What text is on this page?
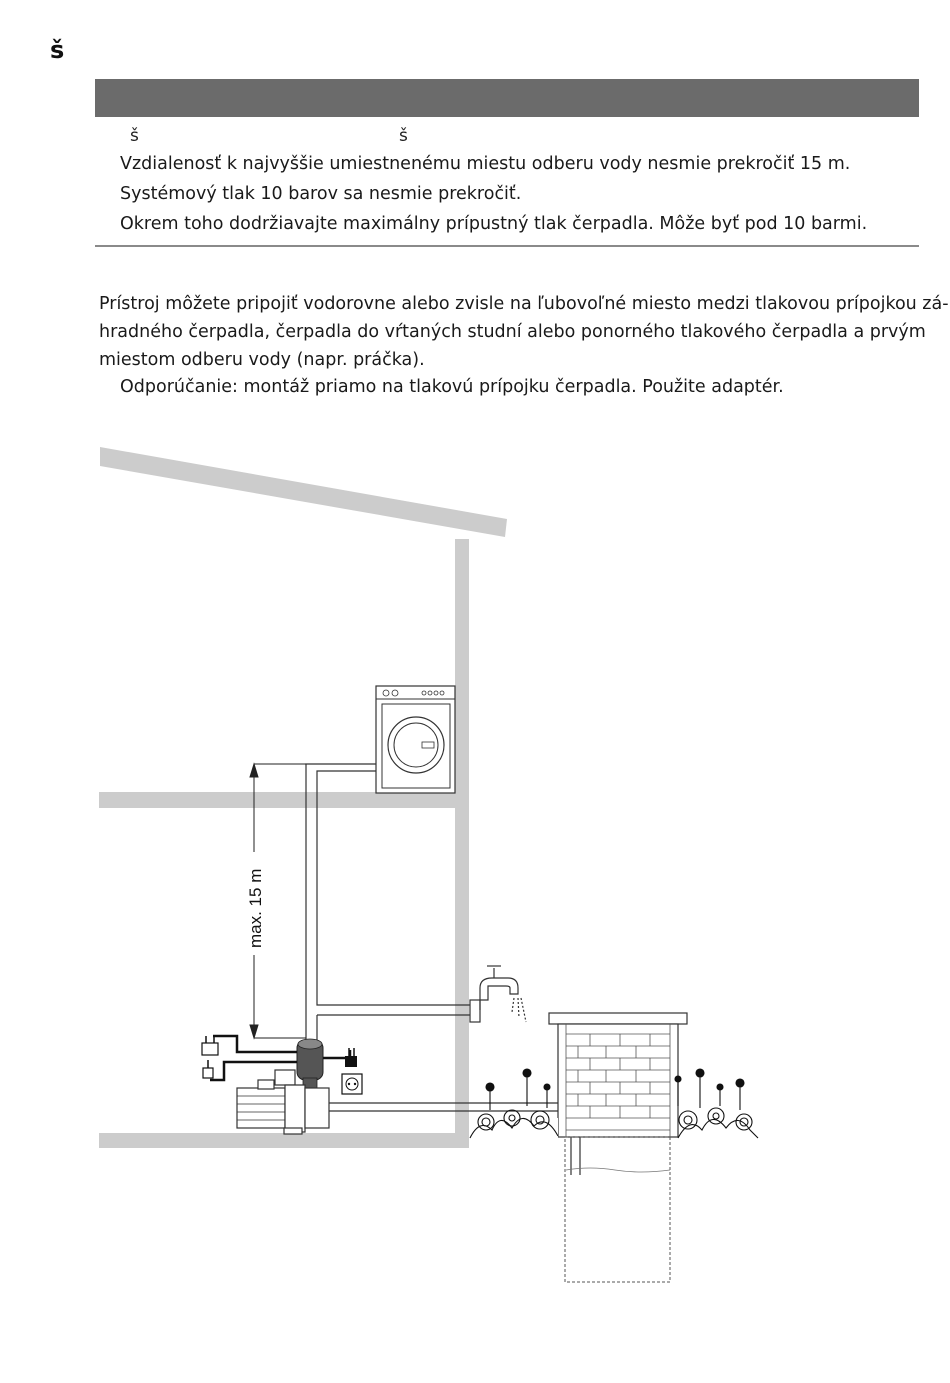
š
š	š
Vzdialenosť k najvyššie umiestnenému miestu odberu vody nesmie prekročiť 15 m.
Systémový tlak 10 barov sa nesmie prekročiť.
Okrem toho dodržiavajte maximálny prípustný tlak čerpadla. Môže byť pod 10 barmi.
Prístroj môžete pripojiť vodorovne alebo zvisle na ľubovoľné miesto medzi tlakovou prípojkou zá-
hradného čerpadla, čerpadla do vŕtaných studní alebo ponorného tlakového čerpadla a prvým
miestom odberu vody (napr. práčka).
Odporúčanie: montáž priamo na tlakovú prípojku čerpadla. Použite adaptér.
max. 15 m
